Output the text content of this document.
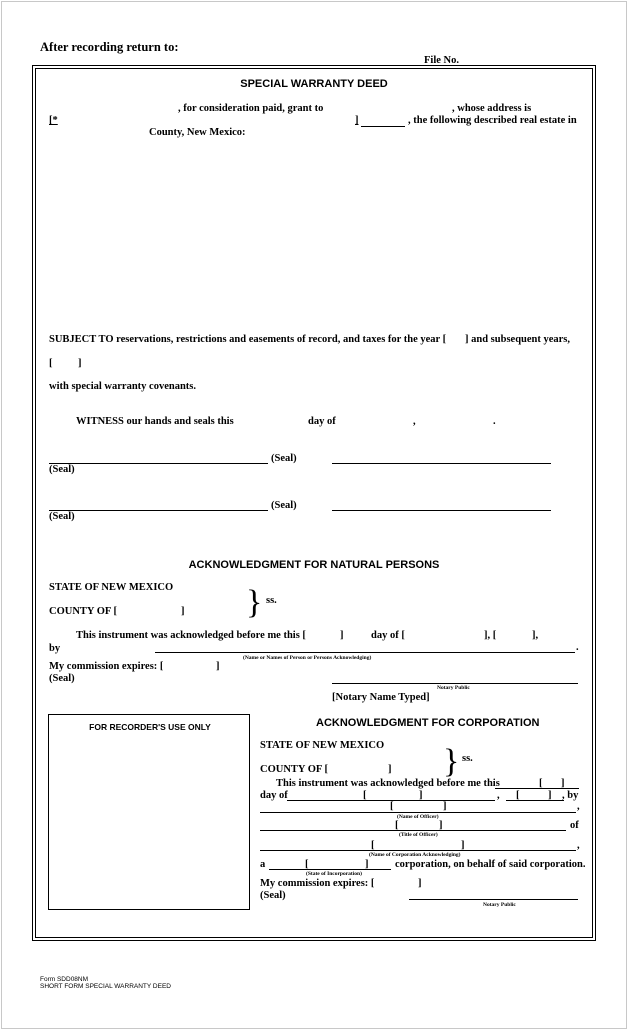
After recording return to:
File No.
SPECIAL WARRANTY DEED
, for consideration paid, grant to	, whose address is
[*	]	, the following described real estate in
County, New Mexico:
SUBJECT TO reservations, restrictions and easements of record, and taxes for the year [ ] and subsequent years,
[ ]
with special warranty covenants.
WITNESS our hands and seals this	day of	,	.
(Seal)
(Seal)
(Seal)
(Seal)
ACKNOWLEDGMENT FOR NATURAL PERSONS
STATE OF NEW MEXICO } ss.
COUNTY OF [	]
This instrument was acknowledged before me this [	]	day of [	], [	],
by	.
(Name or Names of Person or Persons Acknowledging)
My commission expires: [	]
(Seal)
Notary Public
[Notary Name Typed]
FOR RECORDER'S USE ONLY	ACKNOWLEDGMENT FOR CORPORATION
STATE OF NEW MEXICO } ss.
COUNTY OF [	]
This instrument was acknowledged before me this	[ ]
day of	[	]	, [	] , by
[	]	,
(Name of Officer)
[	]	of
(Title of Officer)
[	]	,
(Name of Corporation Acknowledging)
a	[	]	corporation, on behalf of said corporation.
(State of Incorporation)
My commission expires: [	]
(Seal)
Notary Public
Form SDD08NM
SHORT FORM SPECIAL WARRANTY DEED
